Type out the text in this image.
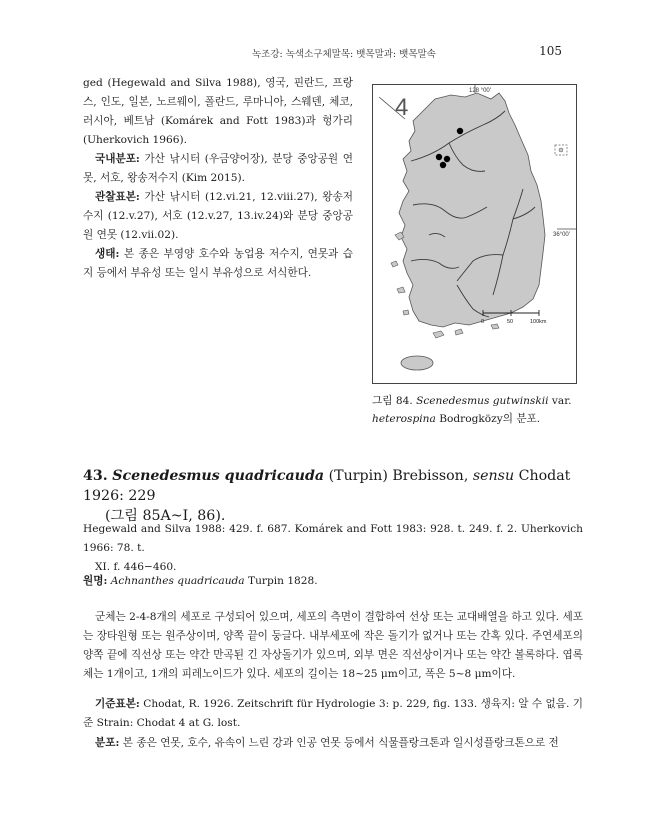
녹조강: 녹색소구체말목: 뱃목말과: 뱃목말속	105

ged (Hegewald and Silva 1988), 영국, 핀란드, 프랑스, 인도, 일본, 노르웨이, 폴란드, 루마니아, 스웨덴, 체코, 러시아, 베트남 (Komárek and Fott 1983)과 헝가리 (Uherkovich 1966).

국내분포: 가산 낚시터 (우금양어장), 분당 중앙공원 연못, 서호, 왕송저수지 (Kim 2015).

관찰표본: 가산 낚시터 (12.vi.21, 12.viii.27), 왕송저수지 (12.v.27), 서호 (12.v.27, 13.iv.24)와 분당 중앙공원 연못 (12.vii.02).

생태: 본 종은 부영양 호수와 농업용 저수지, 연못과 습지 등에서 부유성 또는 일시 부유성으로 서식한다.

4
128 °00'
36°00'
0	50	100km
그림 84. Scenedesmus gutwinskii var. heterospina Bodrogközy의 분포.
43. Scenedesmus quadricauda (Turpin) Brebisson, sensu Chodat 1926: 229
(그림 85A~I, 86).

Hegewald and Silva 1988: 429. f. 687. Komárek and Fott 1983: 928. t. 249. f. 2. Uherkovich 1966: 78. t.

XI. f. 446−460.

원명: Achnanthes quadricauda Turpin 1828.

군체는 2-4-8개의 세포로 구성되어 있으며, 세포의 측면이 결합하여 선상 또는 교대배열을 하고 있다. 세포는 장타원형 또는 원주상이며, 양쪽 끝이 둥글다. 내부세포에 작은 돌기가 없거나 또는 간혹 있다. 주연세포의 양쪽 끝에 직선상 또는 약간 만곡된 긴 자상돌기가 있으며, 외부 면은 직선상이거나 또는 약간 볼록하다. 엽록체는 1개이고, 1개의 피레노이드가 있다. 세포의 길이는 18~25 μm이고, 폭은 5~8 μm이다.

기준표본: Chodat, R. 1926. Zeitschrift für Hydrologie 3: p. 229, fig. 133. 생육지: 알 수 없음. 기준 Strain: Chodat 4 at G. lost.

분포: 본 종은 연못, 호수, 유속이 느린 강과 인공 연못 등에서 식물플랑크톤과 일시성플랑크톤으로 전
